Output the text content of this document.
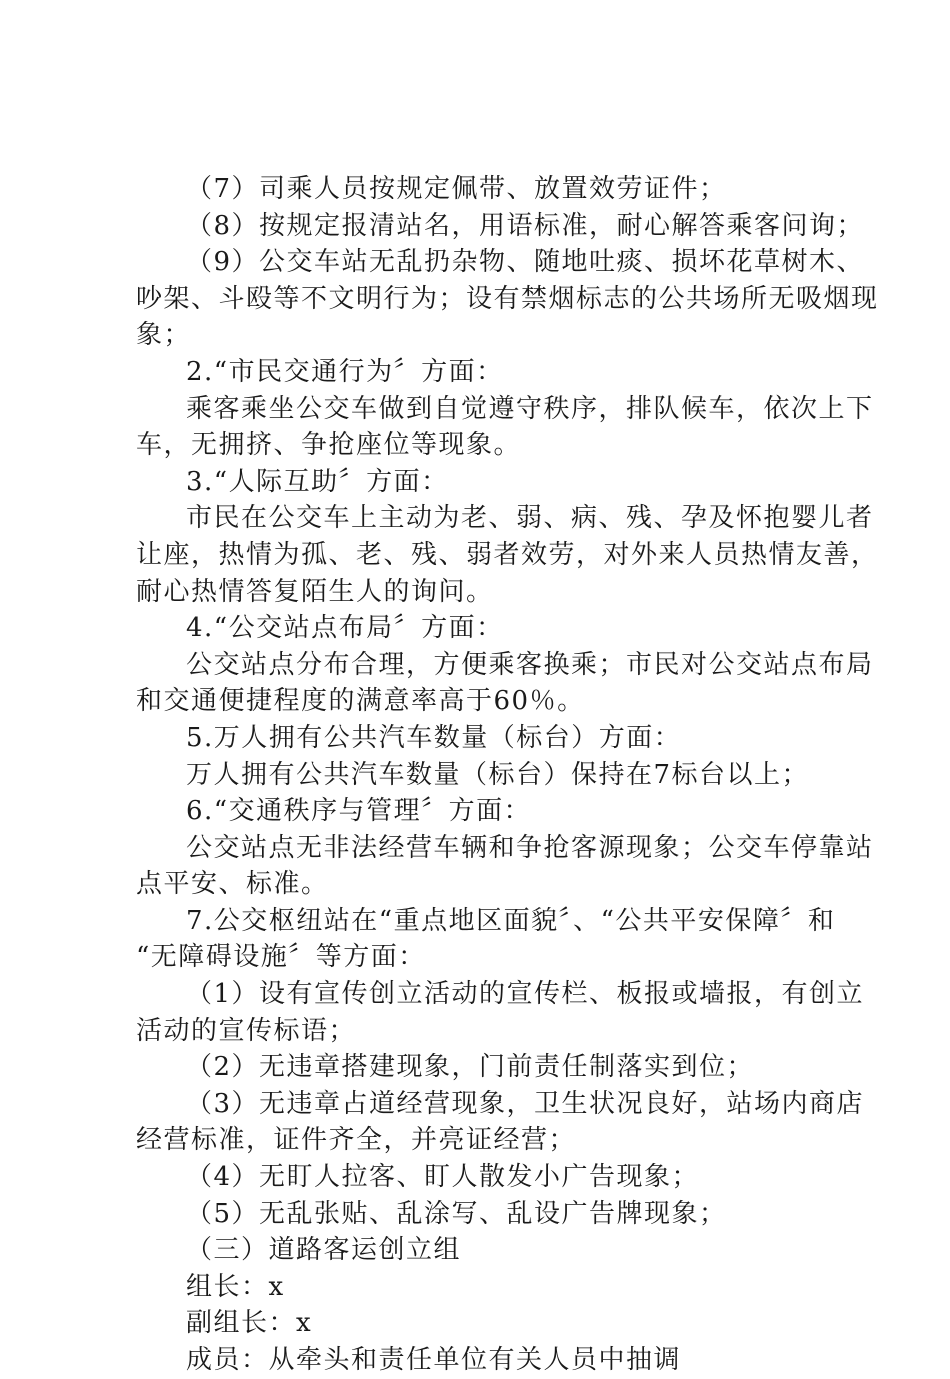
（7）司乘人员按规定佩带、放置效劳证件；
（8）按规定报清站名，用语标准，耐心解答乘客问询；
（9）公交车站无乱扔杂物、随地吐痰、损坏花草树木、
吵架、斗殴等不文明行为；设有禁烟标志的公共场所无吸烟现
象；
2.“市民交通行为〞方面：
乘客乘坐公交车做到自觉遵守秩序，排队候车，依次上下
车，无拥挤、争抢座位等现象。
3.“人际互助〞方面：
市民在公交车上主动为老、弱、病、残、孕及怀抱婴儿者
让座，热情为孤、老、残、弱者效劳，对外来人员热情友善，
耐心热情答复陌生人的询问。
4.“公交站点布局〞方面：
公交站点分布合理，方便乘客换乘；市民对公交站点布局
和交通便捷程度的满意率高于60％。
5.万人拥有公共汽车数量（标台）方面：
万人拥有公共汽车数量（标台）保持在7标台以上；
6.“交通秩序与管理〞方面：
公交站点无非法经营车辆和争抢客源现象；公交车停靠站
点平安、标准。
7.公交枢纽站在“重点地区面貌〞、“公共平安保障〞和
“无障碍设施〞等方面：
（1）设有宣传创立活动的宣传栏、板报或墙报，有创立
活动的宣传标语；
（2）无违章搭建现象，门前责任制落实到位；
（3）无违章占道经营现象，卫生状况良好，站场内商店
经营标准，证件齐全，并亮证经营；
（4）无盯人拉客、盯人散发小广告现象；
（5）无乱张贴、乱涂写、乱设广告牌现象；
（三）道路客运创立组
组长：x
副组长：x
成员：从牵头和责任单位有关人员中抽调
